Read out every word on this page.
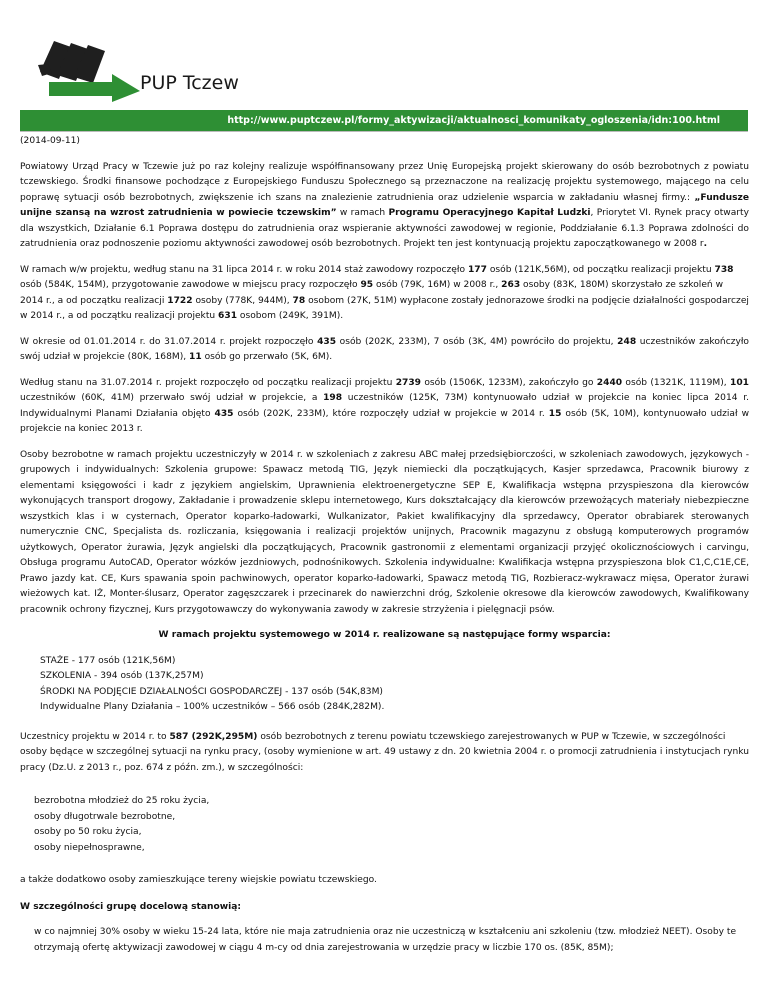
PUP Tczew
http://www.puptczew.pl/formy_aktywizacji/aktualnosci_komunikaty_ogloszenia/idn:100.html

(2014-09-11)

Powiatowy Urząd Pracy w Tczewie już po raz kolejny realizuje współfinansowany przez Unię Europejską projekt skierowany do osób bezrobotnych z powiatu tczewskiego. Środki finansowe pochodzące z Europejskiego Funduszu Społecznego są przeznaczone na realizację projektu systemowego, mającego na celu poprawę sytuacji osób bezrobotnych, zwiększenie ich szans na znalezienie zatrudnienia oraz udzielenie wsparcia w zakładaniu własnej firmy.: „Fundusze unijne szansą na wzrost zatrudnienia w powiecie tczewskim” w ramach Programu Operacyjnego Kapitał Ludzki, Priorytet VI. Rynek pracy otwarty dla wszystkich, Działanie 6.1 Poprawa dostępu do zatrudnienia oraz wspieranie aktywności zawodowej w regionie, Poddziałanie 6.1.3 Poprawa zdolności do zatrudnienia oraz podnoszenie poziomu aktywności zawodowej osób bezrobotnych. Projekt ten jest kontynuacją projektu zapoczątkowanego w 2008 r.

W ramach w/w projektu, według stanu na 31 lipca 2014 r. w roku 2014 staż zawodowy rozpoczęło 177 osób (121K,56M), od początku realizacji projektu 738 osób (584K, 154M), przygotowanie zawodowe w miejscu pracy rozpoczęło 95 osób (79K, 16M) w 2008 r., 263 osoby (83K, 180M) skorzystało ze szkoleń w 2014 r., a od początku realizacji 1722 osoby (778K, 944M), 78 osobom (27K, 51M) wypłacone zostały jednorazowe środki na podjęcie działalności gospodarczej w 2014 r., a od początku realizacji projektu 631 osobom (249K, 391M).

W okresie od 01.01.2014 r. do 31.07.2014 r. projekt rozpoczęło 435 osób (202K, 233M), 7 osób (3K, 4M) powróciło do projektu, 248 uczestników zakończyło swój udział w projekcie (80K, 168M), 11 osób go przerwało (5K, 6M).

Według stanu na 31.07.2014 r. projekt rozpoczęło od początku realizacji projektu 2739 osób (1506K, 1233M), zakończyło go 2440 osób (1321K, 1119M), 101 uczestników (60K, 41M) przerwało swój udział w projekcie, a 198 uczestników (125K, 73M) kontynuowało udział w projekcie na koniec lipca 2014 r. Indywidualnymi Planami Działania objęto 435 osób (202K, 233M), które rozpoczęły udział w projekcie w 2014 r. 15 osób (5K, 10M), kontynuowało udział w projekcie na koniec 2013 r.

Osoby bezrobotne w ramach projektu uczestniczyły w 2014 r. w szkoleniach z zakresu ABC małej przedsiębiorczości, w szkoleniach zawodowych, językowych - grupowych i indywidualnych: Szkolenia grupowe: Spawacz metodą TIG, Język niemiecki dla początkujących, Kasjer sprzedawca, Pracownik biurowy z elementami księgowości i kadr z językiem angielskim, Uprawnienia elektroenergetyczne SEP E, Kwalifikacja wstępna przyspieszona dla kierowców wykonujących transport drogowy, Zakładanie i prowadzenie sklepu internetowego, Kurs dokształcający dla kierowców przewożących materiały niebezpieczne wszystkich klas i w cysternach, Operator koparko-ładowarki, Wulkanizator, Pakiet kwalifikacyjny dla sprzedawcy, Operator obrabiarek sterowanych numerycznie CNC, Specjalista ds. rozliczania, księgowania i realizacji projektów unijnych, Pracownik magazynu z obsługą komputerowych programów użytkowych, Operator żurawia, Język angielski dla początkujących, Pracownik gastronomii z elementami organizacji przyjęć okolicznościowych i carvingu, Obsługa programu AutoCAD, Operator wózków jezdniowych, podnośnikowych. Szkolenia indywidualne: Kwalifikacja wstępna przyspieszona blok C1,C,C1E,CE, Prawo jazdy kat. CE, Kurs spawania spoin pachwinowych, operator koparko-ładowarki, Spawacz metodą TIG, Rozbieracz-wykrawacz mięsa, Operator żurawi wieżowych kat. IŻ, Monter-ślusarz, Operator zagęszczarek i przecinarek do nawierzchni dróg, Szkolenie okresowe dla kierowców zawodowych, Kwalifikowany pracownik ochrony fizycznej, Kurs przygotowawczy do wykonywania zawody w zakresie strzyżenia i pielęgnacji psów.

W ramach projektu systemowego w 2014 r. realizowane są następujące formy wsparcia:

STAŻE - 177 osób (121K,56M)
SZKOLENIA - 394 osób (137K,257M)
ŚRODKI NA PODJĘCIE DZIAŁALNOŚCI GOSPODARCZEJ - 137 osób (54K,83M)
Indywidualne Plany Działania – 100% uczestników – 566 osób (284K,282M).

Uczestnicy projektu w 2014 r. to 587 (292K,295M) osób bezrobotnych z terenu powiatu tczewskiego zarejestrowanych w PUP w Tczewie, w szczególności osoby będące w szczególnej sytuacji na rynku pracy, (osoby wymienione w art. 49 ustawy z dn. 20 kwietnia 2004 r. o promocji zatrudnienia i instytucjach rynku pracy (Dz.U. z 2013 r., poz. 674 z późn. zm.), w szczególności:

bezrobotna młodzież do 25 roku życia,
osoby długotrwale bezrobotne,
osoby po 50 roku życia,
osoby niepełnosprawne,

a także dodatkowo osoby zamieszkujące tereny wiejskie powiatu tczewskiego.

W szczególności grupę docelową stanowią:

w co najmniej 30% osoby w wieku 15-24 lata, które nie maja zatrudnienia oraz nie uczestniczą w kształceniu ani szkoleniu (tzw. młodzież NEET). Osoby te otrzymają ofertę aktywizacji zawodowej w ciągu 4 m-cy od dnia zarejestrowania w urzędzie pracy w liczbie 170 os. (85K, 85M);
